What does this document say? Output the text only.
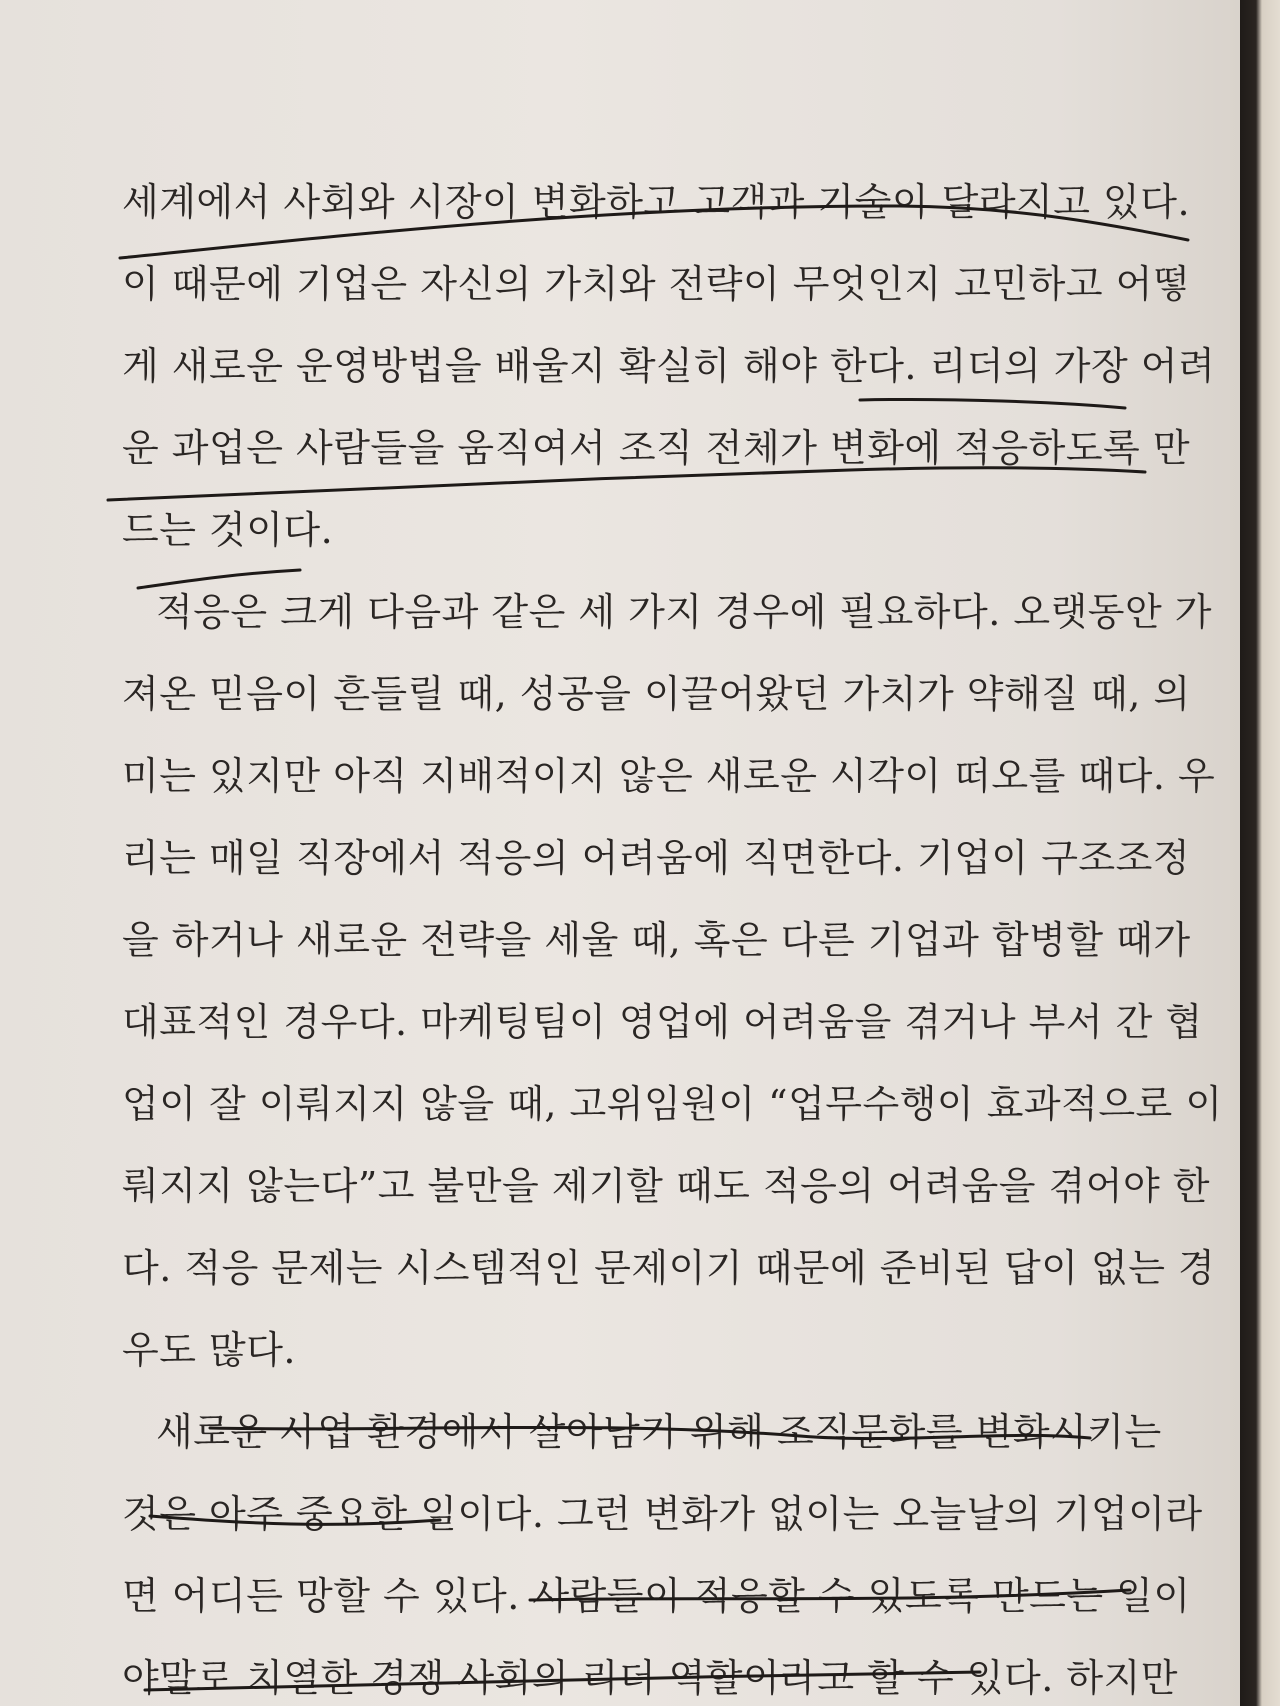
세계에서 사회와 시장이 변화하고 고객과 기술이 달라지고 있다.
이 때문에 기업은 자신의 가치와 전략이 무엇인지 고민하고 어떻
게 새로운 운영방법을 배울지 확실히 해야 한다. 리더의 가장 어려
운 과업은 사람들을 움직여서 조직 전체가 변화에 적응하도록 만
드는 것이다.
적응은 크게 다음과 같은 세 가지 경우에 필요하다. 오랫동안 가
져온 믿음이 흔들릴 때, 성공을 이끌어왔던 가치가 약해질 때, 의
미는 있지만 아직 지배적이지 않은 새로운 시각이 떠오를 때다. 우
리는 매일 직장에서 적응의 어려움에 직면한다. 기업이 구조조정
을 하거나 새로운 전략을 세울 때, 혹은 다른 기업과 합병할 때가
대표적인 경우다. 마케팅팀이 영업에 어려움을 겪거나 부서 간 협
업이 잘 이뤄지지 않을 때, 고위임원이 “업무수행이 효과적으로 이
뤄지지 않는다”고 불만을 제기할 때도 적응의 어려움을 겪어야 한
다. 적응 문제는 시스템적인 문제이기 때문에 준비된 답이 없는 경
우도 많다.
새로운 사업 환경에서 살아남기 위해 조직문화를 변화시키는
것은 아주 중요한 일이다. 그런 변화가 없이는 오늘날의 기업이라
면 어디든 망할 수 있다. 사람들이 적응할 수 있도록 만드는 일이
야말로 치열한 경쟁 사회의 리더 역할이라고 할 수 있다. 하지만
